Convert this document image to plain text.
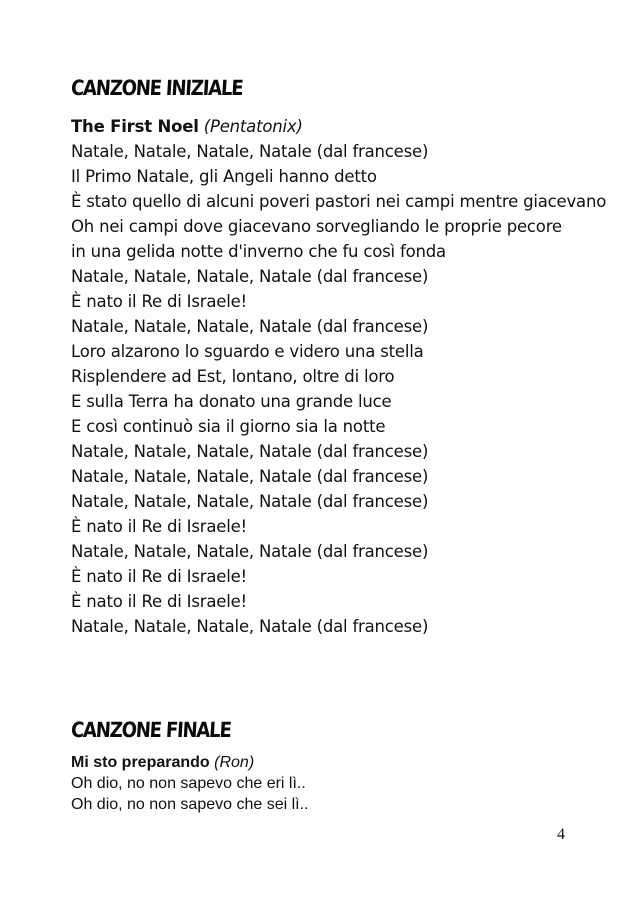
CANZONE INIZIALE
The First Noel (Pentatonix)
Natale, Natale, Natale, Natale (dal francese)
Il Primo Natale, gli Angeli hanno detto
È stato quello di alcuni poveri pastori nei campi mentre giacevano
Oh nei campi dove giacevano sorvegliando le proprie pecore
in una gelida notte d'inverno che fu così fonda
Natale, Natale, Natale, Natale (dal francese)
È nato il Re di Israele!
Natale, Natale, Natale, Natale (dal francese)
Loro alzarono lo sguardo e videro una stella
Risplendere ad Est, lontano, oltre di loro
E sulla Terra ha donato una grande luce
E così continuò sia il giorno sia la notte
Natale, Natale, Natale, Natale (dal francese)
Natale, Natale, Natale, Natale (dal francese)
Natale, Natale, Natale, Natale (dal francese)
È nato il Re di Israele!
Natale, Natale, Natale, Natale (dal francese)
È nato il Re di Israele!
È nato il Re di Israele!
Natale, Natale, Natale, Natale (dal francese)
CANZONE FINALE
Mi sto preparando (Ron)
Oh dio, no non sapevo che eri lì..
Oh dio, no non sapevo che sei lì..
4
